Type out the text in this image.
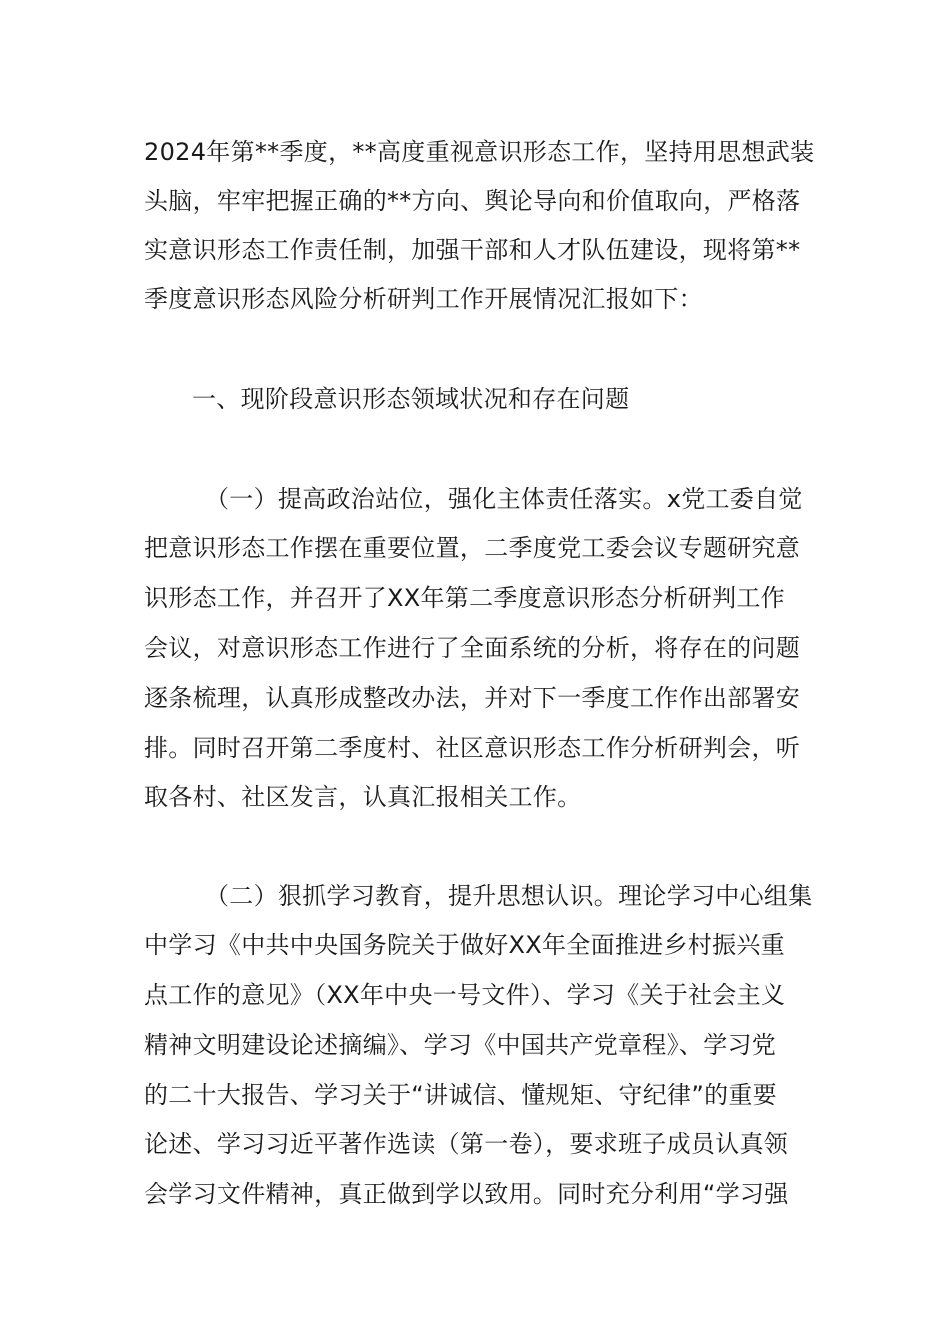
2024年第**季度，**高度重视意识形态工作，坚持用思想武装
头脑，牢牢把握正确的**方向、舆论导向和价值取向，严格落
实意识形态工作责任制，加强干部和人才队伍建设，现将第**
季度意识形态风险分析研判工作开展情况汇报如下：
一、现阶段意识形态领域状况和存在问题
（一）提高政治站位，强化主体责任落实。x党工委自觉
把意识形态工作摆在重要位置，二季度党工委会议专题研究意
识形态工作，并召开了XX年第二季度意识形态分析研判工作
会议，对意识形态工作进行了全面系统的分析，将存在的问题
逐条梳理，认真形成整改办法，并对下一季度工作作出部署安
排。同时召开第二季度村、社区意识形态工作分析研判会，听
取各村、社区发言，认真汇报相关工作。
（二）狠抓学习教育，提升思想认识。理论学习中心组集
中学习《中共中央国务院关于做好XX年全面推进乡村振兴重
点工作的意见》（XX年中央一号文件）、学习《关于社会主义
精神文明建设论述摘编》、学习《中国共产党章程》、学习党
的二十大报告、学习关于“讲诚信、懂规矩、守纪律”的重要
论述、学习习近平著作选读（第一卷），要求班子成员认真领
会学习文件精神，真正做到学以致用。同时充分利用“学习强
